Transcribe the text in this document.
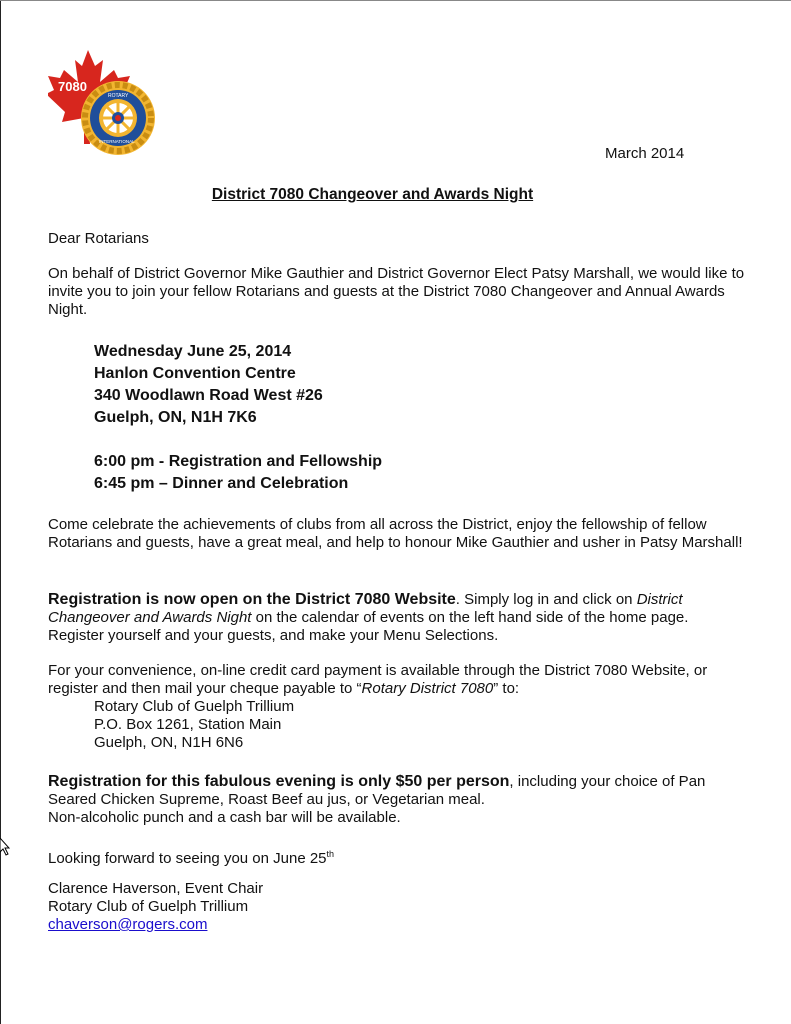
7080
ROTARY
INTERNATIONAL
March 2014
District 7080 Changeover and Awards Night
Dear Rotarians
On behalf of District Governor Mike Gauthier and District Governor Elect Patsy Marshall, we would like to invite you to join your fellow Rotarians and guests at the District 7080 Changeover and Annual Awards Night.
Wednesday June 25, 2014
Hanlon Convention Centre
340 Woodlawn Road West #26
Guelph, ON, N1H 7K6
6:00 pm - Registration and Fellowship
6:45 pm – Dinner and Celebration
Come celebrate the achievements of clubs from all across the District, enjoy the fellowship of fellow Rotarians and guests, have a great meal, and help to honour Mike Gauthier and usher in Patsy Marshall!
Registration is now open on the District 7080 Website. Simply log in and click on District Changeover and Awards Night on the calendar of events on the left hand side of the home page. Register yourself and your guests, and make your Menu Selections.
For your convenience, on-line credit card payment is available through the District 7080 Website, or register and then mail your cheque payable to “Rotary District 7080” to:
Rotary Club of Guelph Trillium
P.O. Box 1261, Station Main
Guelph, ON, N1H 6N6
Registration for this fabulous evening is only $50 per person, including your choice of Pan Seared Chicken Supreme, Roast Beef au jus, or Vegetarian meal.
Non-alcoholic punch and a cash bar will be available.
Looking forward to seeing you on June 25th
Clarence Haverson, Event Chair
Rotary Club of Guelph Trillium
chaverson@rogers.com
